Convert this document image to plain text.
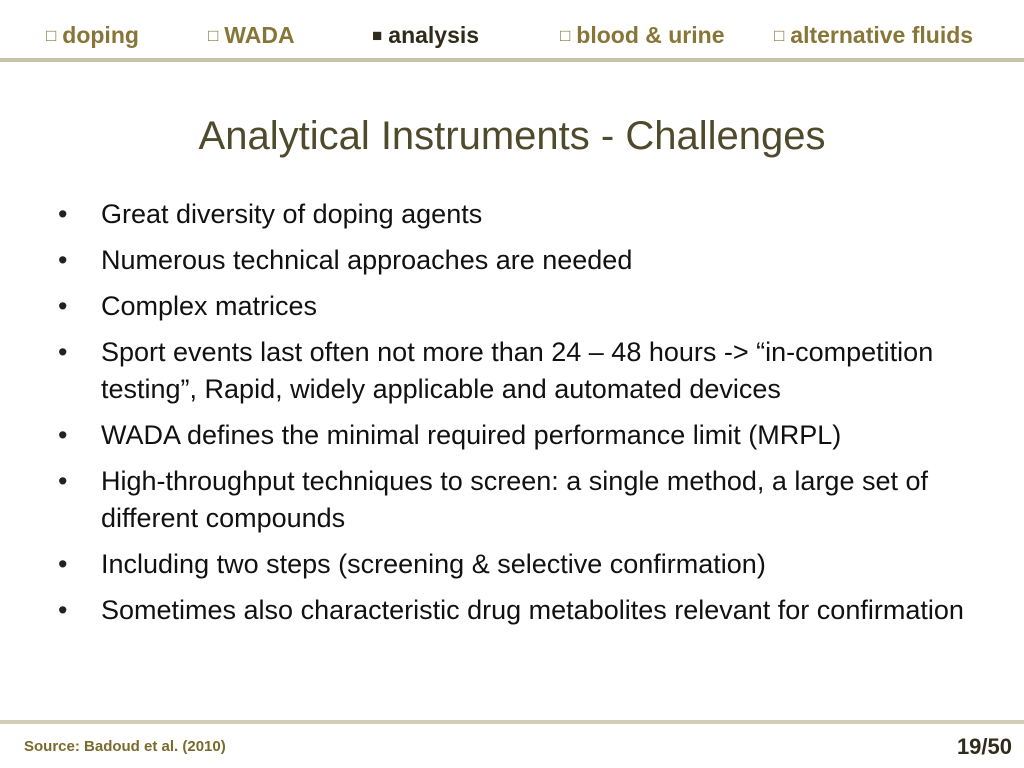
□ doping	□ WADA	■ analysis	□ blood & urine	□ alternative fluids
Analytical Instruments - Challenges
•	Great diversity of doping agents
•	Numerous technical approaches are needed
•	Complex matrices
•	Sport events last often not more than 24 – 48 hours -> “in-competition testing”, Rapid, widely applicable and automated devices
•	WADA defines the minimal required performance limit (MRPL)
•	High-throughput techniques to screen: a single method, a large set of different compounds
•	Including two steps (screening & selective confirmation)
•	Sometimes also characteristic drug metabolites relevant for confirmation
Source: Badoud et al. (2010)	19/50
